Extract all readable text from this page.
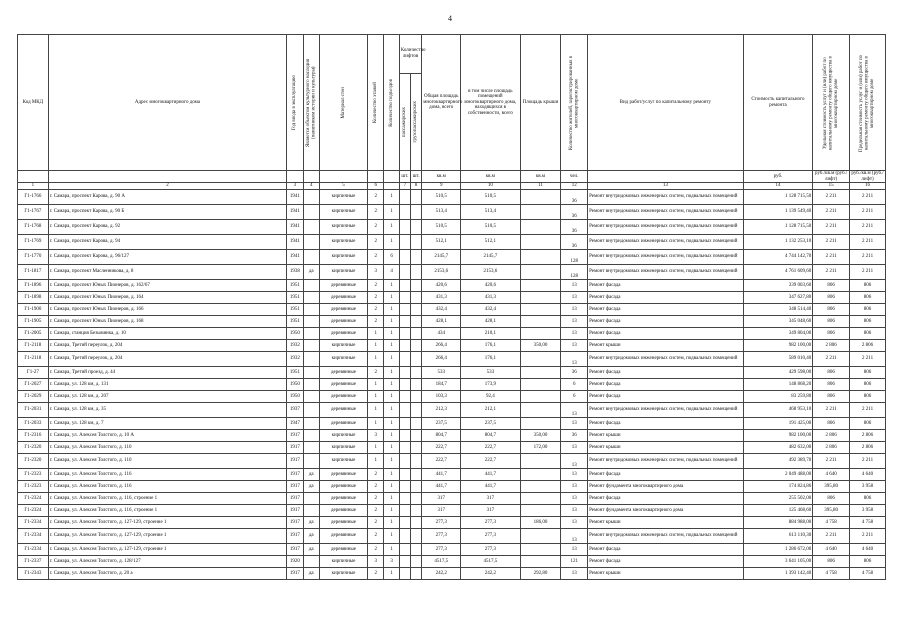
4
Код МКД	Адрес многоквартирного дома	Год ввода в эксплуатацию	Является объектом культурного наследия (памятником истории и культуры)	Материал стен	Количество этажей	Количество подъездов	Количество лифтов		Общая площадь многоквартирного дома, всего	в том числе площадь помещений многоквартирного дома, находящихся в собственности, всего	Площадь крыши	Количество жителей, зарегистрированных в многоквартирном доме	Вид работ/услуг по капитальному ремонту	Стоимость капитального ремонта	Удельная стоимость услуг и (или) работ по капитальному ремонту общего имущества в многоквартирном доме	Предельная стоимость услуг и (или) работ по капитальному ремонту общего имущества в многоквартирном доме

							пассажирских	грузопассажирских								

							шт.	шт.	кв.м	кв.м	кв.м	чел.		руб.	руб./кв.м (руб./лифт)	руб./кв.м (руб./лифт)
1	2	3	4	5	6		7	8	9	10	11	12	13	14	15	16
Г1-1766	г. Самара, проспект Карова, д. 90 А	1941		кирпичные	2	1			510,5	510,5		36	Ремонт внутридомовых инженерных систем, подвальных помещений	1 128 715,50	2 211	2 211
Г1-1767	г. Самара, проспект Карова, д. 90 Б	1941		кирпичные	2	1			513,4	513,4		36	Ремонт внутридомовых инженерных систем, подвальных помещений	1 139 549,40	2 211	2 211
Г1-1768	г. Самара, проспект Карова, д. 92	1941		кирпичные	2	1			510,5	510,5		36	Ремонт внутридомовых инженерных систем, подвальных помещений	1 128 715,50	2 211	2 211
Г1-1769	г. Самара, проспект Карова, д. 94	1941		кирпичные	2	1			512,1	512,1		36	Ремонт внутридомовых инженерных систем, подвальных помещений	1 132 253,10	2 211	2 211
Г1-1770	г. Самара, проспект Карова, д. 96/127	1941		кирпичные	2	6			2145,7	2145,7		128	Ремонт внутридомовых инженерных систем, подвальных помещений	4 744 142,70	2 211	2 211
Г1-1817	г. Самара, проспект Масленникова, д. 8	1938	да	кирпичные	3	4			2153,6	2153,6		128	Ремонт внутридомовых инженерных систем, подвальных помещений	4 761 609,60	2 211	2 211
Г1-1896	г. Самара, проспект Юных Пионеров, д. 162/67	1951		деревянные	2	1			420,6	420,6		13	Ремонт фасада	339 003,60	806	806
Г1-1898	г. Самара, проспект Юных Пионеров, д. 164	1951		деревянные	2	1			431,3	431,3		13	Ремонт фасада	347 627,80	806	806
Г1-1900	г. Самара, проспект Юных Пионеров, д. 166	1951		деревянные	2	1			432,4	432,4		13	Ремонт фасада	348 514,40	806	806
Г1-1905	г. Самара, проспект Юных Пионеров, д. 168	1951		деревянные	2	1			428,1	428,1		13	Ремонт фасада	345 048,60	806	806
Г1-2005	г. Самара, станция Безымянка, д. 10	1950		деревянные	1	1			434	210,1		13	Ремонт фасада	349 804,00	806	806
Г1-2118	г. Самара, Третий переулок, д. 204	1932		кирпичные	1	1			266,4	176,1	350,00	13	Ремонт крыши	982 100,00	2 806	2 806
Г1-2118	г. Самара, Третий переулок, д. 204	1932		кирпичные	1	1			266,4	176,1		13	Ремонт внутридомовых инженерных систем, подвальных помещений	589 010,40	2 211	2 211
Г1-27	г. Самара, Третий проезд, д. 44	1951		деревянные	2	1			533	533		36	Ремонт фасада	429 598,00	806	806
Г1-2027	г. Самара, ул. 128 км, д. 131	1950		деревянные	1	1			184,7	173,9		6	Ремонт фасада	148 868,20	806	806
Г1-2029	г. Самара, ул. 128 км, д. 207	1950		деревянные	1	1			103,3	92,4		6	Ремонт фасада	83 259,80	806	806
Г1-2031	г. Самара, ул. 128 км, д. 35	1937		деревянные	1	1			212,3	212,1		13	Ремонт внутридомовых инженерных систем, подвальных помещений	468 953,10	2 211	2 211
Г1-2033	г. Самара, ул. 128 км, д. 7	1947		деревянные	1	1			237,5	237,5		13	Ремонт фасада	191 425,00	806	806
Г1-2316	г. Самара, ул. Алексея Толстого, д. 10 А	1917		кирпичные	3	1			804,7	804,7	350,00	36	Ремонт крыши	982 100,00	2 806	2 806
Г1-2320	г. Самара, ул. Алексея Толстого, д. 110	1917		кирпичные	1	1			222,7	222,7	172,00	13	Ремонт крыши	482 632,00	2 806	2 806
Г1-2320	г. Самара, ул. Алексея Толстого, д. 110	1917		кирпичные	1	1			222,7	222,7		13	Ремонт внутридомовых инженерных систем, подвальных помещений	492 389,70	2 211	2 211
Г1-2323	г. Самара, ул. Алексея Толстого, д. 116	1917	да	деревянные	2	1			441,7	441,7		13	Ремонт фасада	2 049 488,00	4 640	4 640
Г1-2323	г. Самара, ул. Алексея Толстого, д. 116	1917	да	деревянные	2	1			441,7	441,7		13	Ремонт фундамента многоквартирного дома	174 824,86	395,80	3 958
Г1-2324	г. Самара, ул. Алексея Толстого, д. 116, строение 1	1917		деревянные	2	1			317	317		13	Ремонт фасада	255 502,00	806	806
Г1-2324	г. Самара, ул. Алексея Толстого, д. 116, строение 1	1917		деревянные	2	1			317	317		13	Ремонт фундамента многоквартирного дома	125 468,60	395,80	3 958
Г1-2334	г. Самара, ул. Алексея Толстого, д. 127-129, строение 1	1917	да	деревянные	2	1			277,3	277,3	186,00	13	Ремонт крыши	884 988,00	4 758	4 758
Г1-2334	г. Самара, ул. Алексея Толстого, д. 127-129, строение 1	1917	да	деревянные	2	1			277,3	277,3		13	Ремонт внутридомовых инженерных систем, подвальных помещений	613 110,30	2 211	2 211
Г1-2334	г. Самара, ул. Алексея Толстого, д. 127-129, строение 1	1917	да	деревянные	2	1			277,3	277,3		13	Ремонт фасада	1 286 672,00	4 640	4 640
Г1-2337	г. Самара, ул. Алексея Толстого, д. 128/127	1920		кирпичные	3	3			4517,5	4517,5		121	Ремонт фасада	3 641 105,00	806	806
Г1-2343	г. Самара, ул. Алексея Толстого, д. 20 а	1917	да	кирпичные	2	1			242,2	242,2	292,80	13	Ремонт крыши	1 393 142,40	4 758	4 758
